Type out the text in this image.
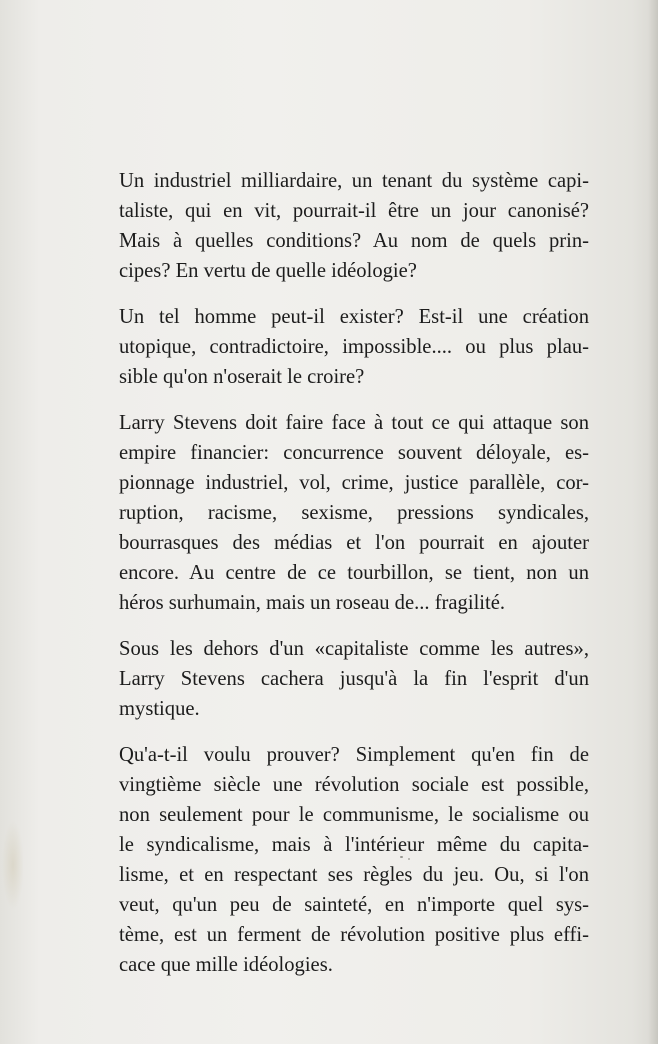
Un industriel milliardaire, un tenant du système capi-
taliste, qui en vit, pourrait-il être un jour canonisé?
Mais à quelles conditions? Au nom de quels prin-
cipes? En vertu de quelle idéologie?

Un tel homme peut-il exister? Est-il une création
utopique, contradictoire, impossible.... ou plus plau-
sible qu'on n'oserait le croire?

Larry Stevens doit faire face à tout ce qui attaque son
empire financier: concurrence souvent déloyale, es-
pionnage industriel, vol, crime, justice parallèle, cor-
ruption, racisme, sexisme, pressions syndicales,
bourrasques des médias et l'on pourrait en ajouter
encore. Au centre de ce tourbillon, se tient, non un
héros surhumain, mais un roseau de... fragilité.

Sous les dehors d'un «capitaliste comme les autres»,
Larry Stevens cachera jusqu'à la fin l'esprit d'un
mystique.

Qu'a-t-il voulu prouver? Simplement qu'en fin de
vingtième siècle une révolution sociale est possible,
non seulement pour le communisme, le socialisme ou
le syndicalisme, mais à l'intérieur même du capita-
lisme, et en respectant ses règles du jeu. Ou, si l'on
veut, qu'un peu de sainteté, en n'importe quel sys-
tème, est un ferment de révolution positive plus effi-
cace que mille idéologies.
